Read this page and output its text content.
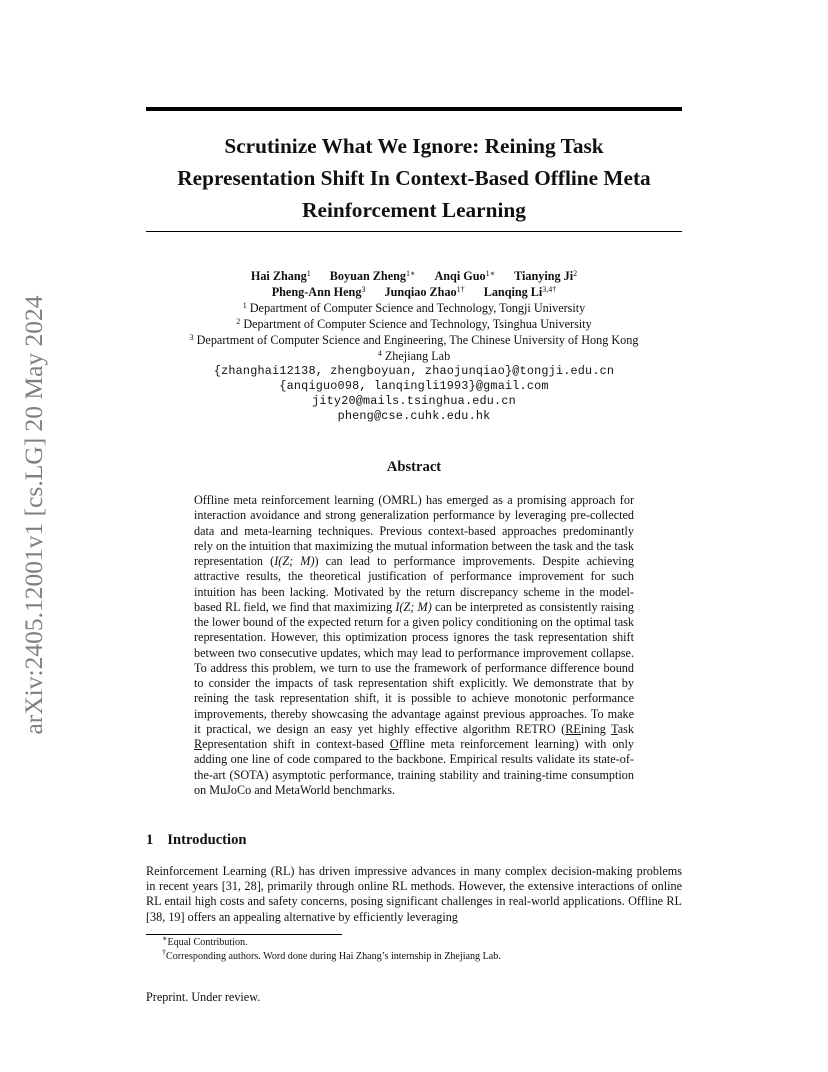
arXiv:2405.12001v1 [cs.LG] 20 May 2024
Scrutinize What We Ignore: Reining Task
Representation Shift In Context-Based Offline Meta
Reinforcement Learning
Hai Zhang$^1$ Boyuan Zheng$^{1∗}$ Anqi Guo$^{1∗}$ Tianying Ji$^2$
Pheng-Ann Heng$^3$ Junqiao Zhao$^{1\dagger}$ Lanqing $Li^{3,4\dagger}$
$^1$ Department of Computer Science and Technology, Tongji University
$^2$ Department of Computer Science and Technology, Tsinghua University
$^3$ Department of Computer Science and Engineering, The Chinese University of Hong Kong
$^4$ Zhejiang Lab
{zhanghai12138, zhengboyuan, zhaojunqiao}@tongji.edu.cn
{anqiguo098, lanqingli1993}@gmail.com
jity20@mails.tsinghua.edu.cn
pheng@cse.cuhk.edu.hk
Abstract
Offline meta reinforcement learning (OMRL) has emerged as a promising approach for interaction avoidance and strong generalization performance by leveraging pre-collected data and meta-learning techniques. Previous context-based approaches predominantly rely on the intuition that maximizing the mutual information between the task and the task representation (I(Z; M)) can lead to performance improvements. Despite achieving attractive results, the theoretical justification of performance improvement for such intuition has been lacking. Motivated by the return discrepancy scheme in the model-based RL field, we find that maximizing I(Z; M) can be interpreted as consistently raising the lower bound of the expected return for a given policy conditioning on the optimal task representation. However, this optimization process ignores the task representation shift between two consecutive updates, which may lead to performance improvement collapse. To address this problem, we turn to use the framework of performance difference bound to consider the impacts of task representation shift explicitly. We demonstrate that by reining the task representation shift, it is possible to achieve monotonic performance improvements, thereby showcasing the advantage against previous approaches. To make it practical, we design an easy yet highly effective algorithm RETRO (REining Task Representation shift in context-based Offline meta reinforcement learning) with only adding one line of code compared to the backbone. Empirical results validate its state-of-the-art (SOTA) asymptotic performance, training stability and training-time consumption on MuJoCo and MetaWorld benchmarks.
1 Introduction
Reinforcement Learning (RL) has driven impressive advances in many complex decision-making problems in recent years [31, 28], primarily through online RL methods. However, the extensive interactions of online RL entail high costs and safety concerns, posing significant challenges in real-world applications. Offline RL [38, 19] offers an appealing alternative by efficiently leveraging
∗Equal Contribution.
†Corresponding authors. Word done during Hai Zhang’s internship in Zhejiang Lab.
Preprint. Under review.
